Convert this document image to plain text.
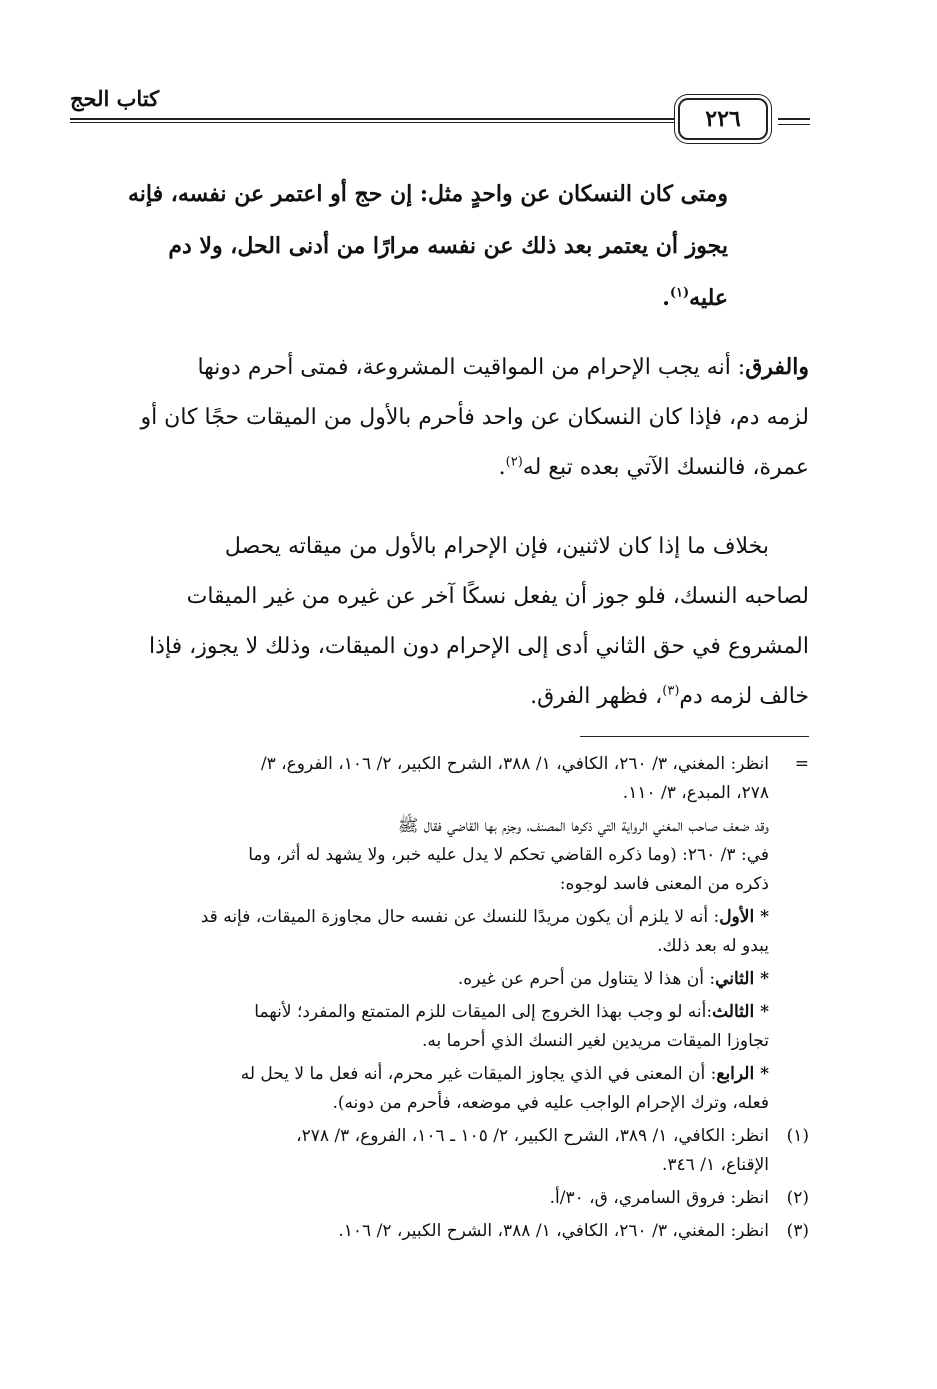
كتاب الحج
٢٢٦
ومتى كان النسكان عن واحدٍ مثل: إن حج أو اعتمر عن نفسه، فإنه
يجوز أن يعتمر بعد ذلك عن نفسه مرارًا من أدنى الحل، ولا دم
عليه$^{(١)}$.
والفرق: أنه يجب الإحرام من المواقيت المشروعة، فمتى أحرم دونها
لزمه دم، فإذا كان النسكان عن واحد فأحرم بالأول من الميقات حجًا كان أو
عمرة، فالنسك الآتي بعده تبع له$^{(٢)}$.
بخلاف ما إذا كان لاثنين، فإن الإحرام بالأول من ميقاته يحصل
لصاحبه النسك، فلو جوز أن يفعل نسكًا آخر عن غيره من غير الميقات
المشروع في حق الثاني أدى إلى الإحرام دون الميقات، وذلك لا يجوز، فإذا
خالف لزمه دم$^{(٣)}$، فظهر الفرق.
=
انظر: المغني، ٣/ ٢٦٠، الكافي، ١/ ٣٨٨، الشرح الكبير، ٢/ ١٠٦، الفروع، ٣/
٢٧٨، المبدع، ٣/ ١١٠.
وقد ضعف صاحب المغني الرواية التي ذكرها المصنف، وجزم بها القاضي فقال ﷺ
في: ٣/ ٢٦٠: (وما ذكره القاضي تحكم لا يدل عليه خبر، ولا يشهد له أثر، وما
ذكره من المعنى فاسد لوجوه:
* الأول: أنه لا يلزم أن يكون مريدًا للنسك عن نفسه حال مجاوزة الميقات، فإنه قد
يبدو له بعد ذلك.
* الثاني: أن هذا لا يتناول من أحرم عن غيره.
* الثالث:أنه لو وجب بهذا الخروج إلى الميقات للزم المتمتع والمفرد؛ لأنهما
تجاوزا الميقات مريدين لغير النسك الذي أحرما به.
* الرابع: أن المعنى في الذي يجاوز الميقات غير محرم، أنه فعل ما لا يحل له
فعله، وترك الإحرام الواجب عليه في موضعه، فأحرم من دونه).
(١)
انظر: الكافي، ١/ ٣٨٩، الشرح الكبير، ٢/ ١٠٥ ـ ١٠٦، الفروع، ٣/ ٢٧٨،
الإقناع، ١/ ٣٤٦.
(٢)
انظر: فروق السامري، ق، ٣٠/أ.
(٣)
انظر: المغني، ٣/ ٢٦٠، الكافي، ١/ ٣٨٨، الشرح الكبير، ٢/ ١٠٦.
